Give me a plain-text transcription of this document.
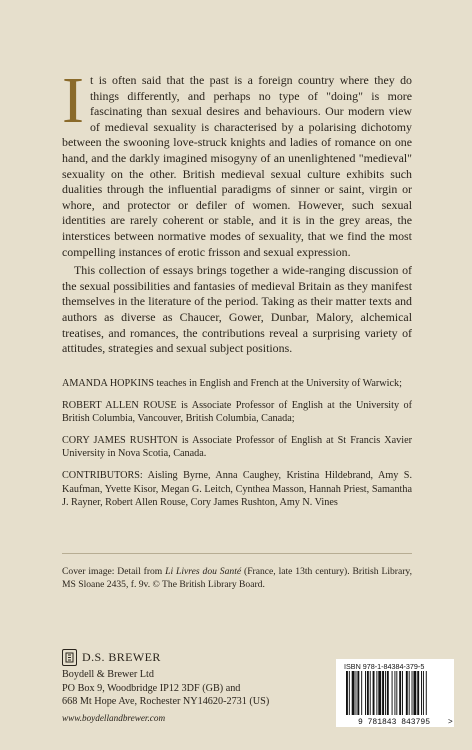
It is often said that the past is a foreign country where they do things differently, and perhaps no type of "doing" is more fascinating than sexual desires and behaviours. Our modern view of medieval sexuality is characterised by a polarising dichotomy between the swooning love-struck knights and ladies of romance on one hand, and the darkly imagined misogyny of an unenlightened "medieval" sexuality on the other. British medieval sexual culture exhibits such dualities through the influential paradigms of sinner or saint, virgin or whore, and protector or defiler of women. However, such sexual identities are rarely coherent or stable, and it is in the grey areas, the interstices between normative modes of sexuality, that we find the most compelling instances of erotic frisson and sexual expression.

This collection of essays brings together a wide-ranging discussion of the sexual possibilities and fantasies of medieval Britain as they manifest themselves in the literature of the period. Taking as their matter texts and authors as diverse as Chaucer, Gower, Dunbar, Malory, alchemical treatises, and romances, the contributions reveal a surprising variety of attitudes, strategies and sexual subject positions.

AMANDA HOPKINS teaches in English and French at the University of Warwick;

ROBERT ALLEN ROUSE is Associate Professor of English at the University of British Columbia, Vancouver, British Columbia, Canada;

CORY JAMES RUSHTON is Associate Professor of English at St Francis Xavier University in Nova Scotia, Canada.

CONTRIBUTORS: Aisling Byrne, Anna Caughey, Kristina Hildebrand, Amy S. Kaufman, Yvette Kisor, Megan G. Leitch, Cynthea Masson, Hannah Priest, Samantha J. Rayner, Robert Allen Rouse, Cory James Rushton, Amy N. Vines

Cover image: Detail from Li Livres dou Santé (France, late 13th century). British Library, MS Sloane 2435, f. 9v. © The British Library Board.
D.S. BREWER
Boydell & Brewer Ltd
PO Box 9, Woodbridge IP12 3DF (GB) and
668 Mt Hope Ave, Rochester NY14620-2731 (US)
www.boydellandbrewer.com
ISBN 978-1-84384-379-5
9 781843 843795 >
